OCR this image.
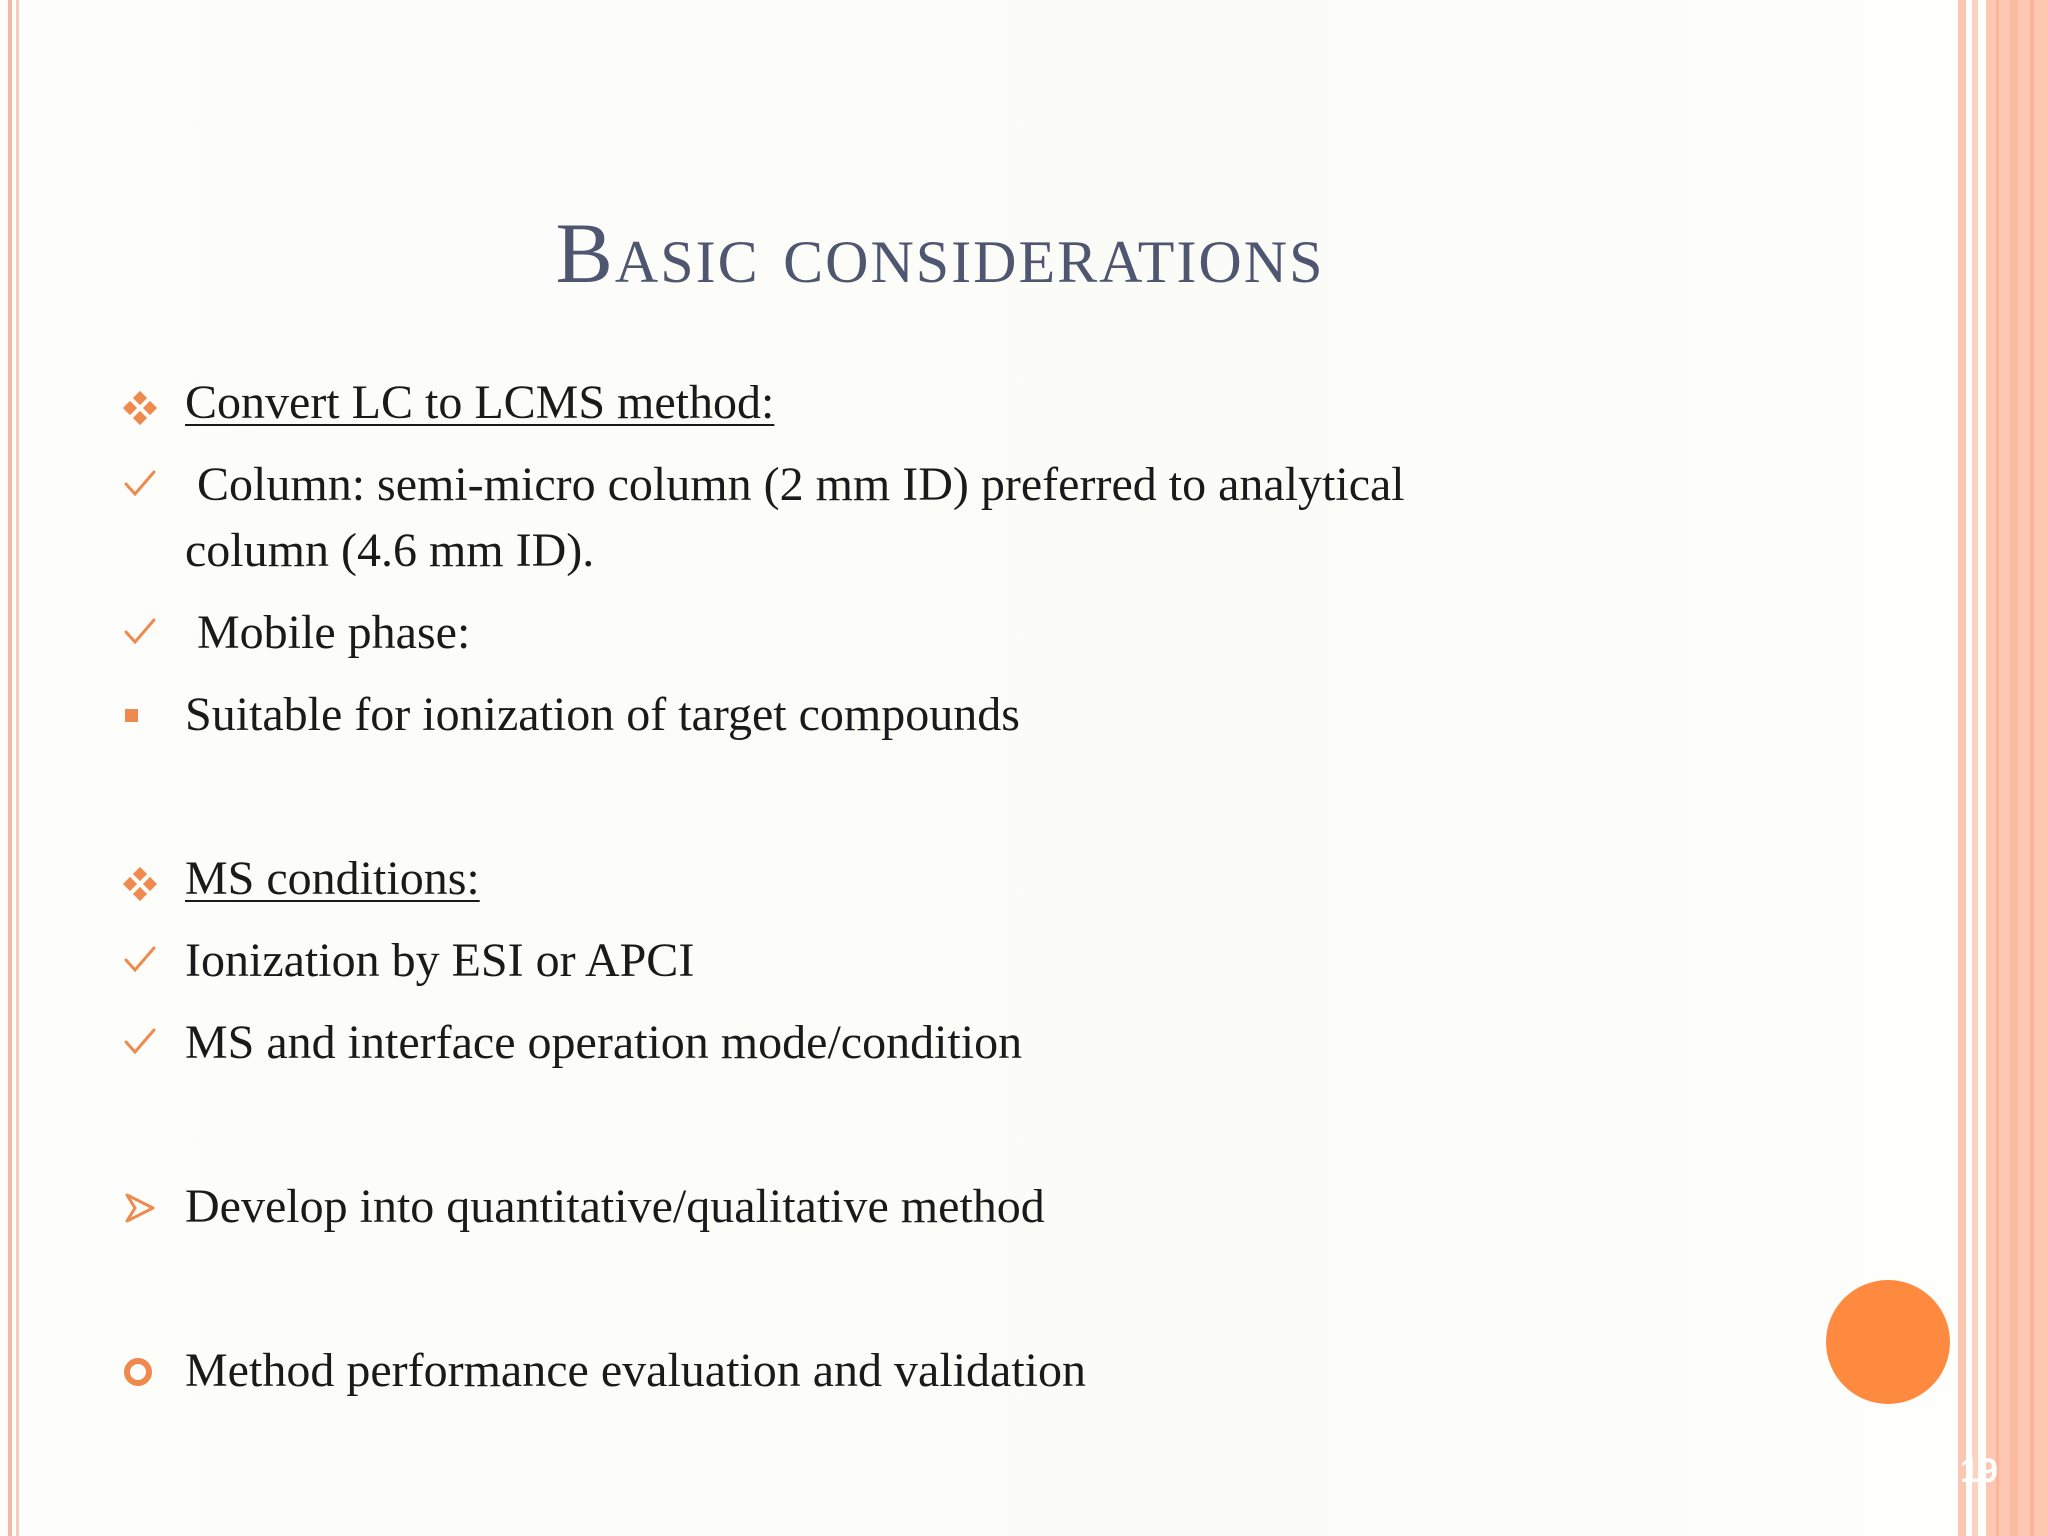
Basic considerations
Convert LC to LCMS method:
Column: semi-micro column (2 mm ID) preferred to analytical
column (4.6 mm ID).
Mobile phase:
Suitable for ionization of target compounds
MS conditions:
Ionization by ESI or APCI
MS and interface operation mode/condition
Develop into quantitative/qualitative method
Method performance evaluation and validation
19
